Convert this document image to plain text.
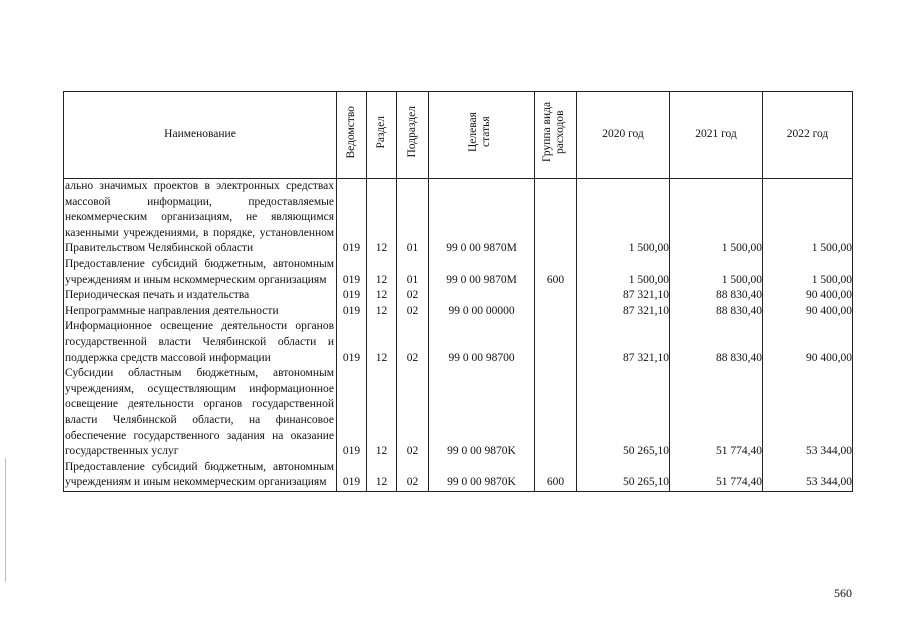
Наименование	Ведомство	Раздел	Подраздел	Целевая статья	Группа вида расходов	2020 год	2021 год	2022 год
ально значимых проектов в электронных средствах массовой информации, предоставляемые некоммерческим организациям, не являющимся казенными учреждениями, в порядке, установленном Правительством Челябинской области	019	12	01	99 0 00 9870M		1 500,00	1 500,00	1 500,00
Предоставление субсидий бюджетным, автономным учреждениям и иным нскоммерческим организациям	019	12	01	99 0 00 9870M	600	1 500,00	1 500,00	1 500,00
Периодическая печать и издательства	019	12	02			87 321,10	88 830,40	90 400,00
Непрограммные направления деятельности	019	12	02	99 0 00 00000		87 321,10	88 830,40	90 400,00
Информационное освещение деятельности органов государственной власти Челябинской области и поддержка средств массовой информации	019	12	02	99 0 00 98700		87 321,10	88 830,40	90 400,00
Субсидии областным бюджетным, автономным учреждениям, осуществляющим информационное освещение деятельности органов государственной власти Челябинской области, на финансовое обеспечение государственного задания на оказание государственных услуг	019	12	02	99 0 00 9870K		50 265,10	51 774,40	53 344,00
Предоставление субсидий бюджетным, автономным учреждениям и иным некоммерческим организациям	019	12	02	99 0 00 9870K	600	50 265,10	51 774,40	53 344,00
560
